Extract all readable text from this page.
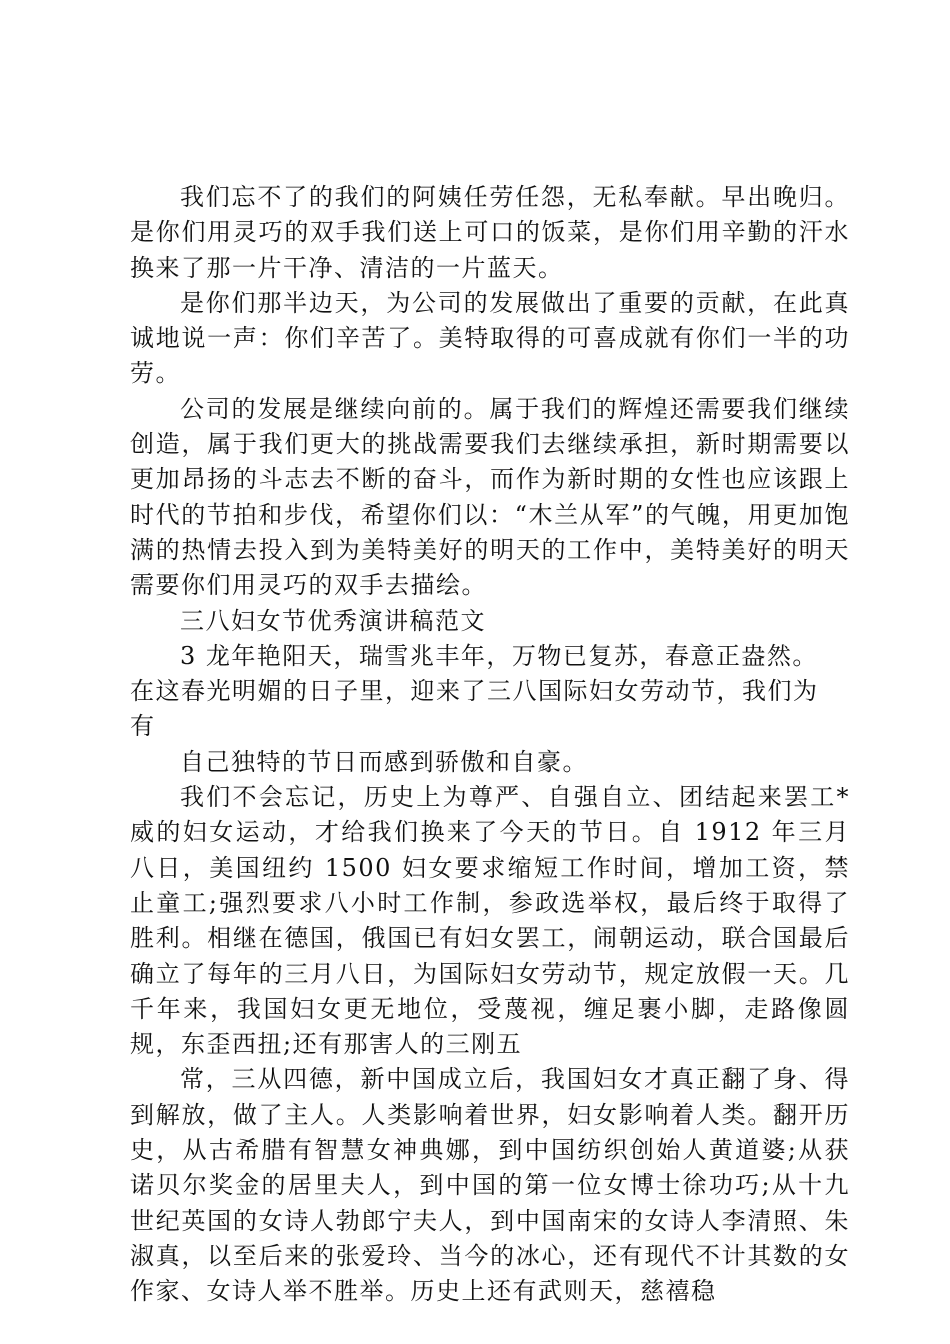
我们忘不了的我们的阿姨任劳任怨，无私奉献。早出晚归。是你们用灵巧的双手我们送上可口的饭菜，是你们用辛勤的汗水换来了那一片干净、清洁的一片蓝天。

是你们那半边天，为公司的发展做出了重要的贡献，在此真诚地说一声：你们辛苦了。美特取得的可喜成就有你们一半的功劳。

公司的发展是继续向前的。属于我们的辉煌还需要我们继续创造，属于我们更大的挑战需要我们去继续承担，新时期需要以更加昂扬的斗志去不断的奋斗，而作为新时期的女性也应该跟上时代的节拍和步伐，希望你们以：“木兰从军”的气魄，用更加饱满的热情去投入到为美特美好的明天的工作中，美特美好的明天需要你们用灵巧的双手去描绘。

三八妇女节优秀演讲稿范文

3 龙年艳阳天，瑞雪兆丰年，万物已复苏，春意正盎然。

在这春光明媚的日子里，迎来了三八国际妇女劳动节，我们为

有

自己独特的节日而感到骄傲和自豪。

我们不会忘记，历史上为尊严、自强自立、团结起来罢工*威的妇女运动，才给我们换来了今天的节日。自 1912 年三月八日，美国纽约 1500 妇女要求缩短工作时间，增加工资，禁止童工;强烈要求八小时工作制，参政选举权，最后终于取得了胜利。相继在德国，俄国已有妇女罢工，闹朝运动，联合国最后确立了每年的三月八日，为国际妇女劳动节，规定放假一天。几千年来，我国妇女更无地位，受蔑视，缠足裹小脚，走路像圆规，东歪西扭;还有那害人的三刚五

常，三从四德，新中国成立后，我国妇女才真正翻了身、得到解放，做了主人。人类影响着世界，妇女影响着人类。翻开历史，从古希腊有智慧女神典娜，到中国纺织创始人黄道婆;从获诺贝尔奖金的居里夫人，到中国的第一位女博士徐功巧;从十九世纪英国的女诗人勃郎宁夫人，到中国南宋的女诗人李清照、朱淑真，以至后来的张爱玲、当今的冰心，还有现代不计其数的女作家、女诗人举不胜举。历史上还有武则天，慈禧稳
